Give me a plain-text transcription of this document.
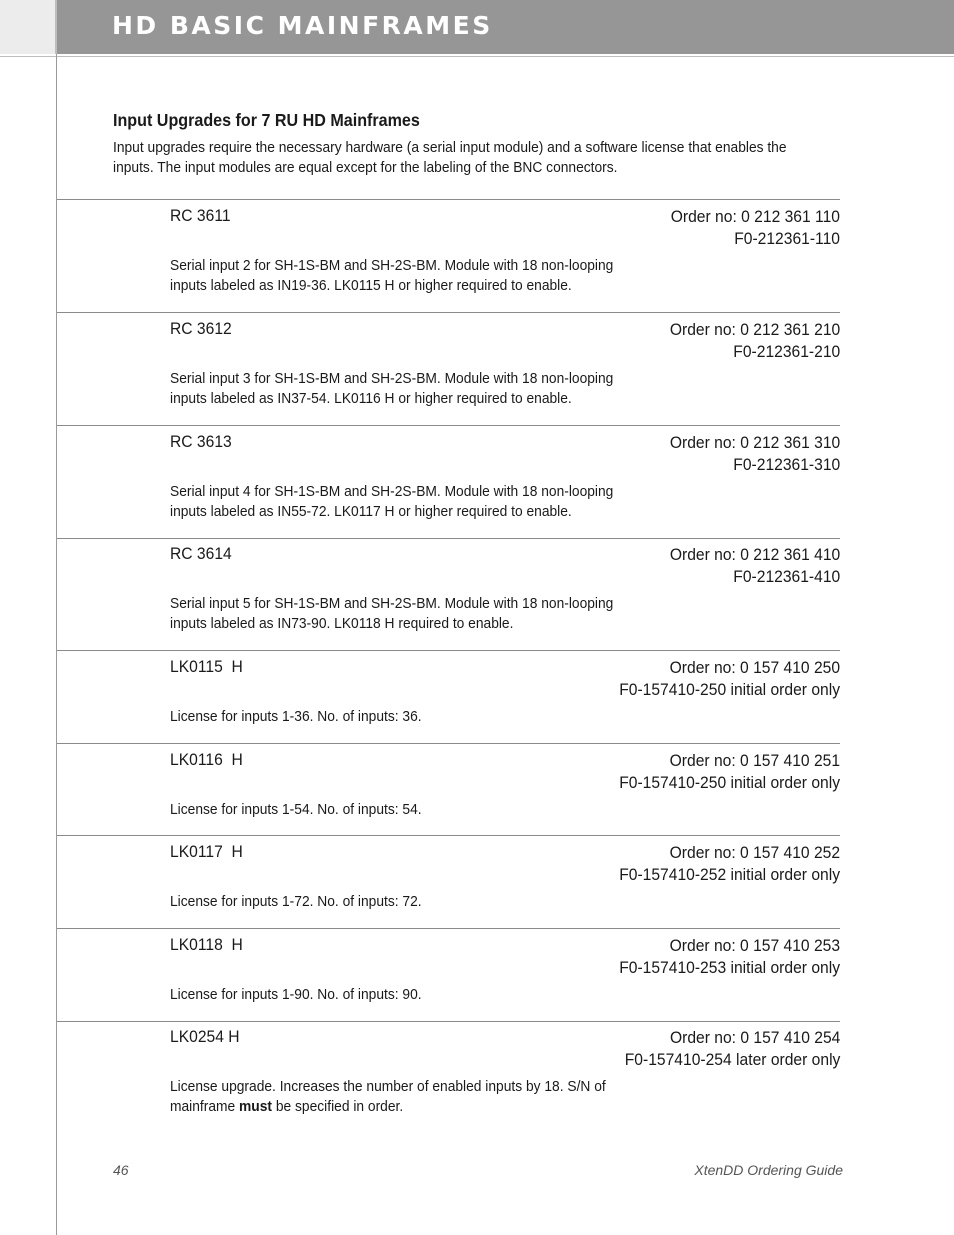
HD BASIC MAINFRAMES
Input Upgrades for 7 RU HD Mainframes
Input upgrades require the necessary hardware (a serial input module) and a software license that enables the inputs. The input modules are equal except for the labeling of the BNC connectors.
RC 3611	Order no: 0 212 361 110
F0-212361-110
Serial input 2 for SH-1S-BM and SH-2S-BM. Module with 18 non-looping inputs labeled as IN19-36. LK0115 H or higher required to enable.
RC 3612	Order no: 0 212 361 210
F0-212361-210
Serial input 3 for SH-1S-BM and SH-2S-BM. Module with 18 non-looping inputs labeled as IN37-54. LK0116 H or higher required to enable.
RC 3613	Order no: 0 212 361 310
F0-212361-310
Serial input 4 for SH-1S-BM and SH-2S-BM. Module with 18 non-looping inputs labeled as IN55-72. LK0117 H or higher required to enable.
RC 3614	Order no: 0 212 361 410
F0-212361-410
Serial input 5 for SH-1S-BM and SH-2S-BM. Module with 18 non-looping inputs labeled as IN73-90. LK0118 H required to enable.
LK0115  H	Order no: 0 157 410 250
F0-157410-250 initial order only
License for inputs 1-36. No. of inputs: 36.
LK0116  H	Order no: 0 157 410 251
F0-157410-250 initial order only
License for inputs 1-54. No. of inputs: 54.
LK0117  H	Order no: 0 157 410 252
F0-157410-252 initial order only
License for inputs 1-72. No. of inputs: 72.
LK0118  H	Order no: 0 157 410 253
F0-157410-253 initial order only
License for inputs 1-90. No. of inputs: 90.
LK0254 H	Order no: 0 157 410 254
F0-157410-254 later order only
License upgrade. Increases the number of enabled inputs by 18. S/N of mainframe must be specified in order.
46	XtenDD Ordering Guide
